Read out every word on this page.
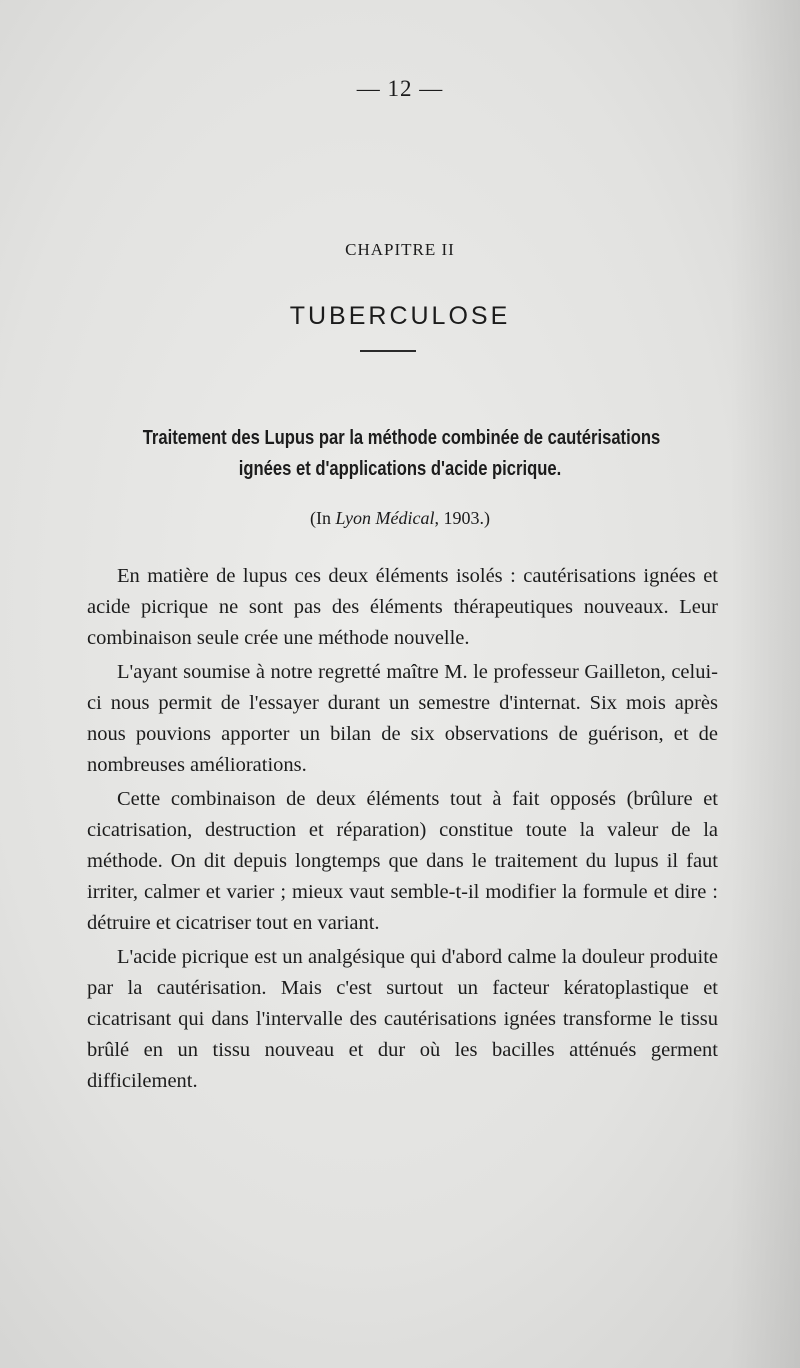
— 12 —
CHAPITRE II
TUBERCULOSE
Traitement des Lupus par la méthode combinée de cautérisations
ignées et d'applications d'acide picrique.
(In Lyon Médical, 1903.)

En matière de lupus ces deux éléments isolés : cautérisations ignées et acide picrique ne sont pas des éléments thérapeutiques nouveaux. Leur combinaison seule crée une méthode nouvelle.

L'ayant soumise à notre regretté maître M. le professeur Gailleton, celui-ci nous permit de l'essayer durant un semestre d'internat. Six mois après nous pouvions apporter un bilan de six observations de guérison, et de nombreuses améliorations.

Cette combinaison de deux éléments tout à fait opposés (brûlure et cicatrisation, destruction et réparation) constitue toute la valeur de la méthode. On dit depuis longtemps que dans le traitement du lupus il faut irriter, calmer et varier ; mieux vaut semble-t-il modifier la formule et dire : détruire et cicatriser tout en variant.

L'acide picrique est un analgésique qui d'abord calme la douleur produite par la cautérisation. Mais c'est surtout un facteur kératoplastique et cicatrisant qui dans l'intervalle des cautérisations ignées transforme le tissu brûlé en un tissu nouveau et dur où les bacilles atténués germent difficilement.
